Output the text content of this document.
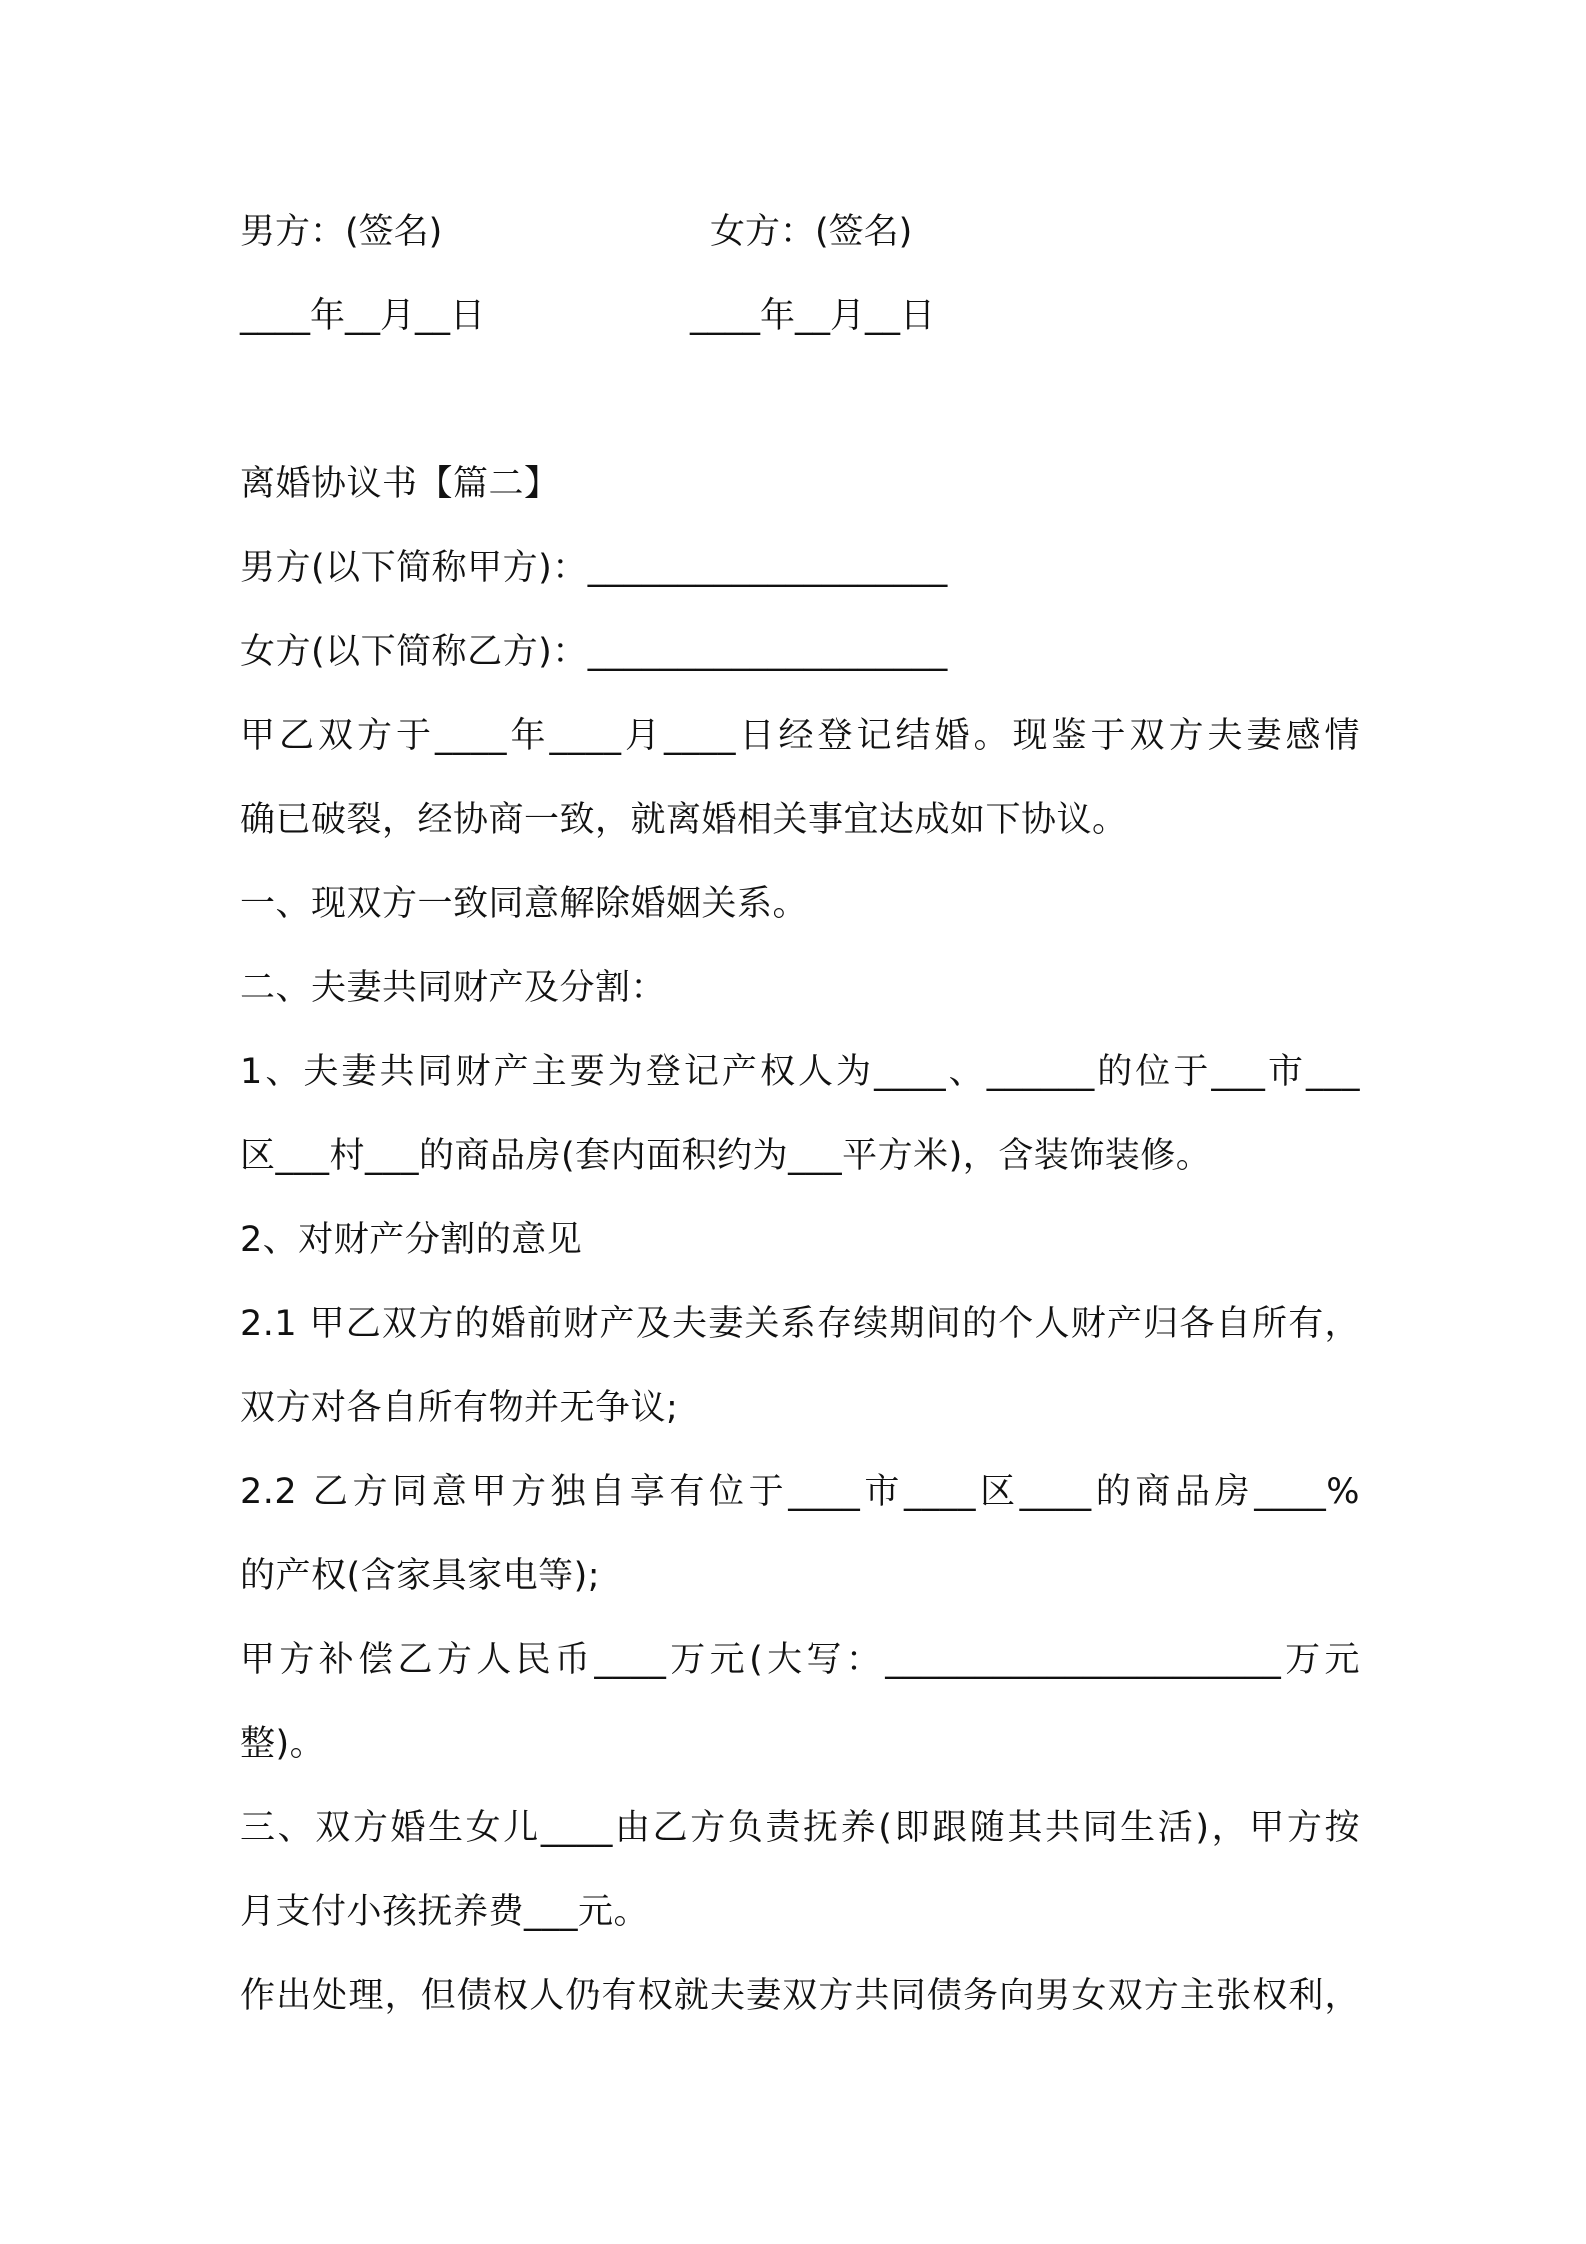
男方：(签名)	女方：(签名)
____年__月__日	____年__月__日
离婚协议书【篇二】
男方(以下简称甲方)：____________________
女方(以下简称乙方)：____________________
甲乙双方于____年____月____日经登记结婚。现鉴于双方夫妻感情
确已破裂，经协商一致，就离婚相关事宜达成如下协议。
一、现双方一致同意解除婚姻关系。
二、夫妻共同财产及分割：
1、夫妻共同财产主要为登记产权人为____、______的位于___市___
区___村___的商品房(套内面积约为___平方米)，含装饰装修。
2、对财产分割的意见
2.1 甲乙双方的婚前财产及夫妻关系存续期间的个人财产归各自所有，
双方对各自所有物并无争议;
2.2 乙方同意甲方独自享有位于____市____区____的商品房____%
的产权(含家具家电等);
甲方补偿乙方人民币____万元(大写：______________________万元
整)。
三、双方婚生女儿____由乙方负责抚养(即跟随其共同生活)，甲方按
月支付小孩抚养费___元。
作出处理，但债权人仍有权就夫妻双方共同债务向男女双方主张权利，
